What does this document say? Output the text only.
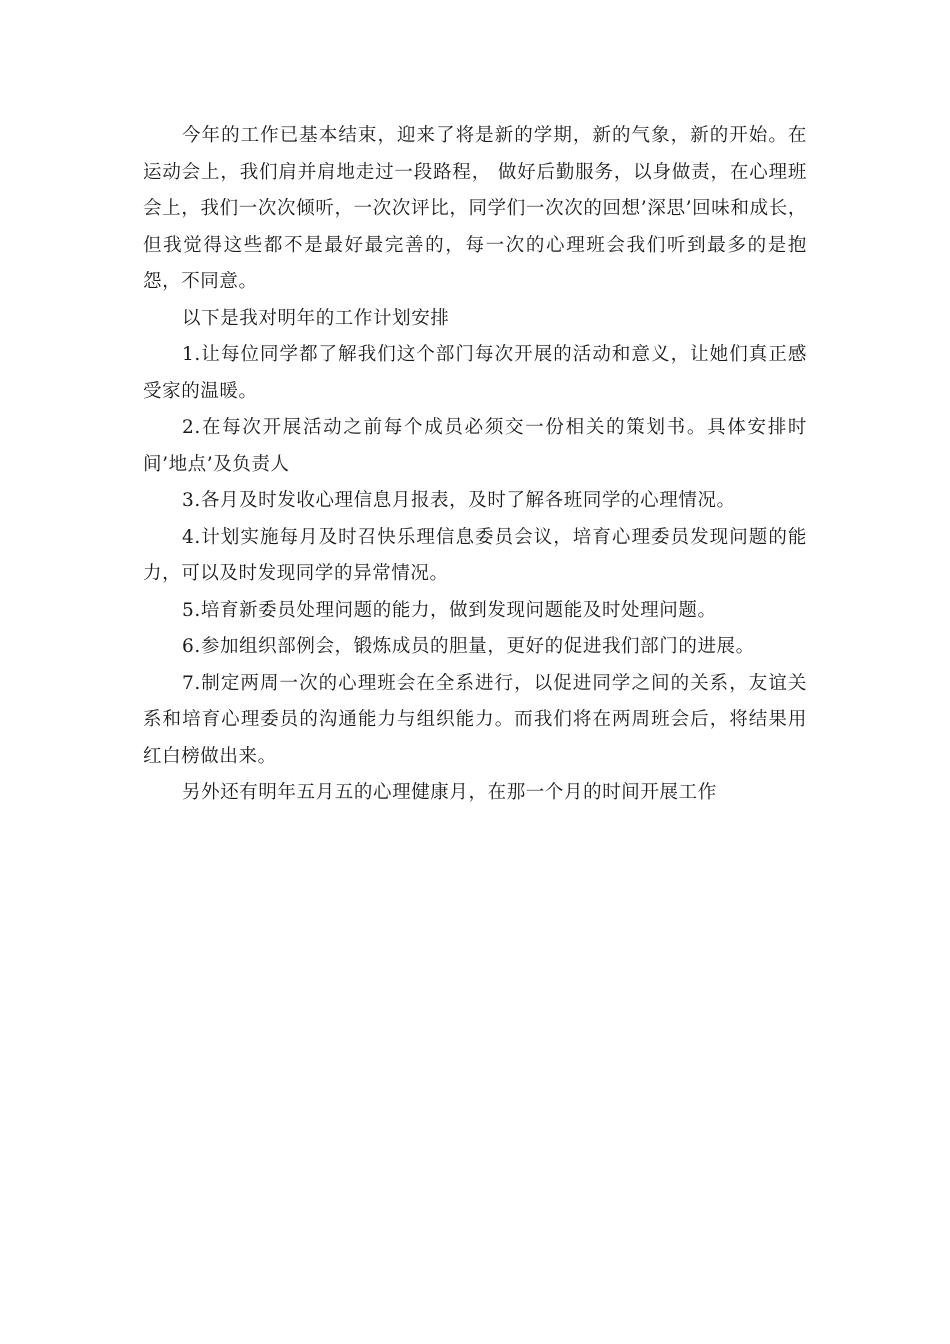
今年的工作已基本结束，迎来了将是新的学期，新的气象，新的开始。在运动会上，我们肩并肩地走过一段路程， 做好后勤服务，以身做责，在心理班会上，我们一次次倾听，一次次评比，同学们一次次的回想’深思’回味和成长，但我觉得这些都不是最好最完善的，每一次的心理班会我们听到最多的是抱怨，不同意。

以下是我对明年的工作计划安排

1.让每位同学都了解我们这个部门每次开展的活动和意义，让她们真正感受家的温暖。

2.在每次开展活动之前每个成员必须交一份相关的策划书。具体安排时间’地点’及负责人

3.各月及时发收心理信息月报表，及时了解各班同学的心理情况。

4.计划实施每月及时召快乐理信息委员会议，培育心理委员发现问题的能力，可以及时发现同学的异常情况。

5.培育新委员处理问题的能力，做到发现问题能及时处理问题。

6.参加组织部例会，锻炼成员的胆量，更好的促进我们部门的进展。

7.制定两周一次的心理班会在全系进行，以促进同学之间的关系，友谊关系和培育心理委员的沟通能力与组织能力。而我们将在两周班会后，将结果用红白榜做出来。

另外还有明年五月五的心理健康月，在那一个月的时间开展工作
